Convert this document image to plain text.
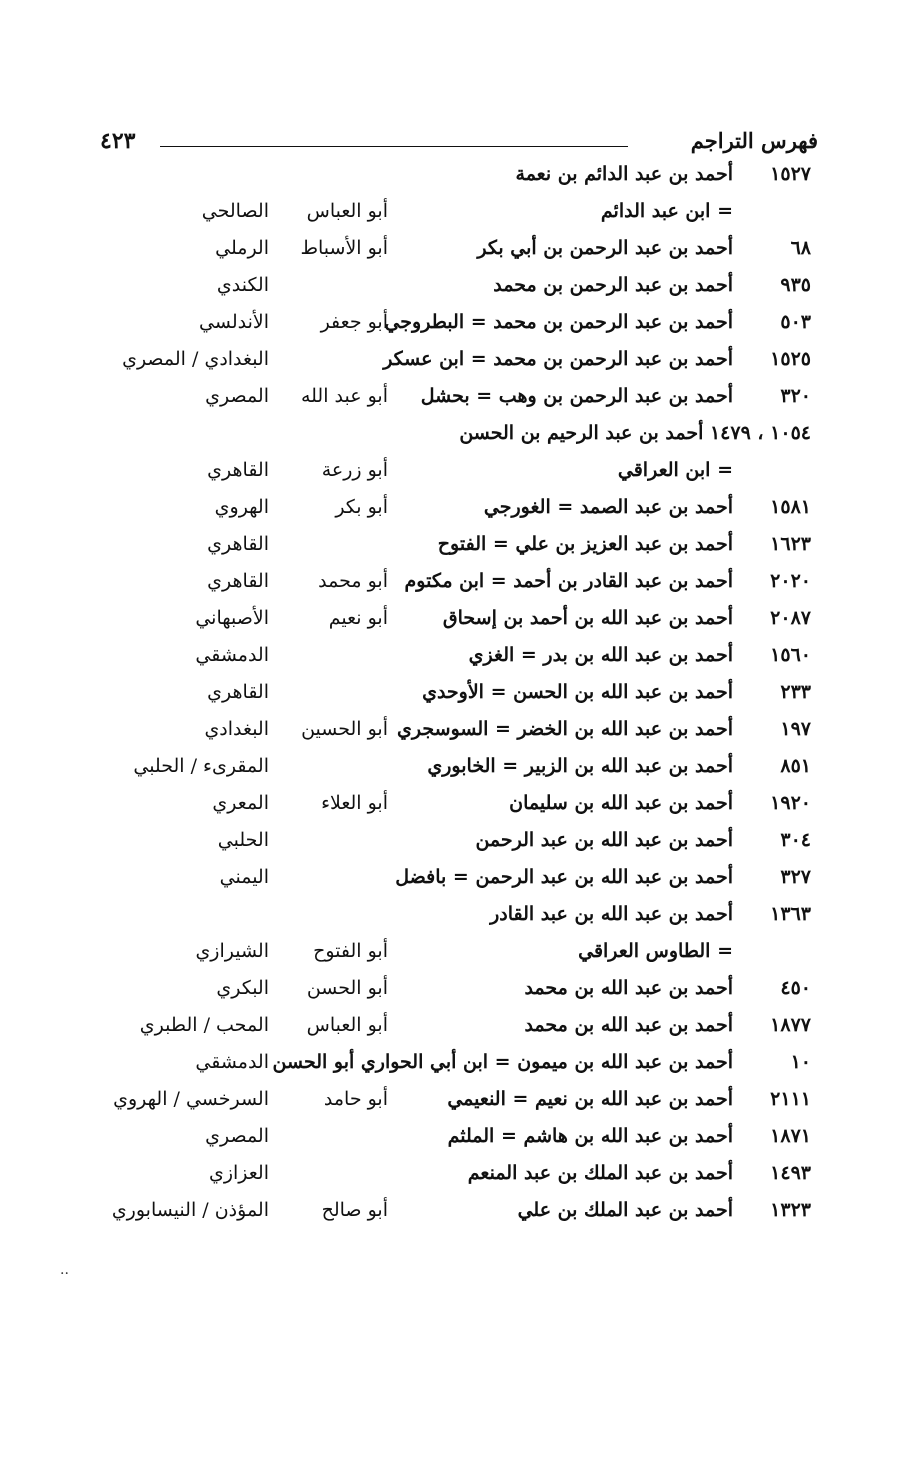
فهرس التراجم
٤٢٣
١٥٢٧
أحمد بن عبد الدائم بن نعمة
= ابن عبد الدائم
أبو العباس
الصالحي
٦٨
أحمد بن عبد الرحمن بن أبي بكر
أبو الأسباط
الرملي
٩٣٥
أحمد بن عبد الرحمن بن محمد
الكندي
٥٠٣
أحمد بن عبد الرحمن بن محمد = البطروجي
أبو جعفر
الأندلسي
١٥٢٥
أحمد بن عبد الرحمن بن محمد = ابن عسكر
البغدادي / المصري
٣٢٠
أحمد بن عبد الرحمن بن وهب = بحشل
أبو عبد الله
المصري
١٠٥٤ ، ١٤٧٩ أحمد بن عبد الرحيم بن الحسن
= ابن العراقي
أبو زرعة
القاهري
١٥٨١
أحمد بن عبد الصمد = الغورجي
أبو بكر
الهروي
١٦٢٣
أحمد بن عبد العزيز بن علي = الفتوح
القاهري
٢٠٢٠
أحمد بن عبد القادر بن أحمد = ابن مكتوم
أبو محمد
القاهري
٢٠٨٧
أحمد بن عبد الله بن أحمد بن إسحاق
أبو نعيم
الأصبهاني
١٥٦٠
أحمد بن عبد الله بن بدر = الغزي
الدمشقي
٢٣٣
أحمد بن عبد الله بن الحسن = الأوحدي
القاهري
١٩٧
أحمد بن عبد الله بن الخضر = السوسجري
أبو الحسين
البغدادي
٨٥١
أحمد بن عبد الله بن الزبير = الخابوري
المقرىء / الحلبي
١٩٢٠
أحمد بن عبد الله بن سليمان
أبو العلاء
المعري
٣٠٤
أحمد بن عبد الله بن عبد الرحمن
الحلبي
٣٢٧
أحمد بن عبد الله بن عبد الرحمن = بافضل
اليمني
١٣٦٣
أحمد بن عبد الله بن عبد القادر
= الطاوس العراقي
أبو الفتوح
الشيرازي
٤٥٠
أحمد بن عبد الله بن محمد
أبو الحسن
البكري
١٨٧٧
أحمد بن عبد الله بن محمد
أبو العباس
المحب / الطبري
١٠
أحمد بن عبد الله بن ميمون = ابن أبي الحواري أبو الحسن
الدمشقي
٢١١١
أحمد بن عبد الله بن نعيم = النعيمي
أبو حامد
السرخسي / الهروي
١٨٧١
أحمد بن عبد الله بن هاشم = الملثم
المصري
١٤٩٣
أحمد بن عبد الملك بن عبد المنعم
العزازي
١٣٢٣
أحمد بن عبد الملك بن علي
أبو صالح
المؤذن / النيسابوري
..
